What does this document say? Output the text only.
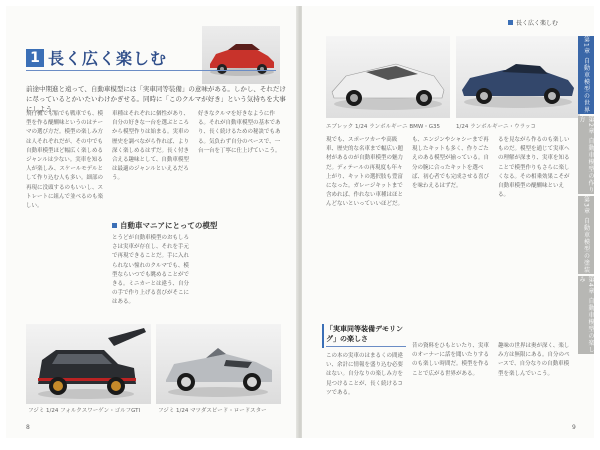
1 長く広く楽しむ
前途中期進と遠って、自動車模型には「実車同等装備」の意味がある。しかし、それだけに尽っているとかいたいわけかぎせる。同時に「このクルマが好き」という気持ちを大事にしよう。
飛行機でも船でも戦車でも、模型を作る醍醐味というのはテーマの選び方だ。模型の楽しみ方は人それぞれだが、その中でも自動車模型ほど幅広く楽しめるジャンルは少ない。実車を知る人が楽しみ、スケールモデルとして作り込む人も多い。細部の再現に没頭するのもいいし、ストレートに組んで並べるのも楽しい。
車種はそれぞれに個性があり、自分の好きな一台を選ぶところから模型作りは始まる。実車の歴史を調べながら作れば、より深く楽しめるはずだ。長く付き合える趣味として、自動車模型は最適のジャンルといえるだろう。
好きなクルマを好きなように作る。それが自動車模型の基本であり、長く続けるための秘訣でもある。気負わず自分のペースで、一台一台を丁寧に仕上げていこう。
自動車マニアにとっての模型
とうどが自動車模型のおもしろさは実車が存在し、それを手元で再現できることだ。手に入れられない憧れのクルマでも、模型ならいつでも眺めることができる。ミニカーとは違う、自分の手で作り上げる喜びがそこにはある。
フジミ 1/24 フォルクスワーゲン・ゴルフGTI	フジミ 1/24 マツダスピード・ロードスター
8
長く広く楽しむ
エブレック 1/24 ランボルギーニ BMW・G35	1/24 ランボルギーニ・ウラッコ
現でも、スポーツカーや高級車、歴史的な名車まで幅広い題材があるのが自動車模型の魅力だ。ディテールの再現度も年々上がり、キットの選択肢も豊富になった。ガレージキットまで含めれば、作れない車種はほとんどないといっていいほどだ。
も、エンジンやシャシーまで再現したキットも多く、作りごたえのある模型が揃っている。自分の腕に合ったキットを選べば、初心者でも完成させる喜びを味わえるはずだ。
るを見ながら作るのも楽しいものだ。模型を通じて実車への理解が深まり、実車を知ることで模型作りもさらに楽しくなる。その相乗効果こそが自動車模型の醍醐味といえる。
「実車同等装備デモリング」の楽しさ
この本の実車のはまるくの間違い、余計に情報を盛り込む必要はない。自分なりの楽しみ方を見つけることが、長く続けるコツである。
昔の資料をひもといたり、実車のオーナーに話を聞いたりするのも楽しい時間だ。模型を作ることで広がる世界がある。
趣味の世界は奥が深く、楽しみ方は無限にある。自分のペースで、自分なりの自動車模型を楽しんでいこう。
第1章 自動車模型の世界
第2章 自動車模型の作り方
第3章 自動車模型の塗装
第4章 自動車模型の楽しみ
9
